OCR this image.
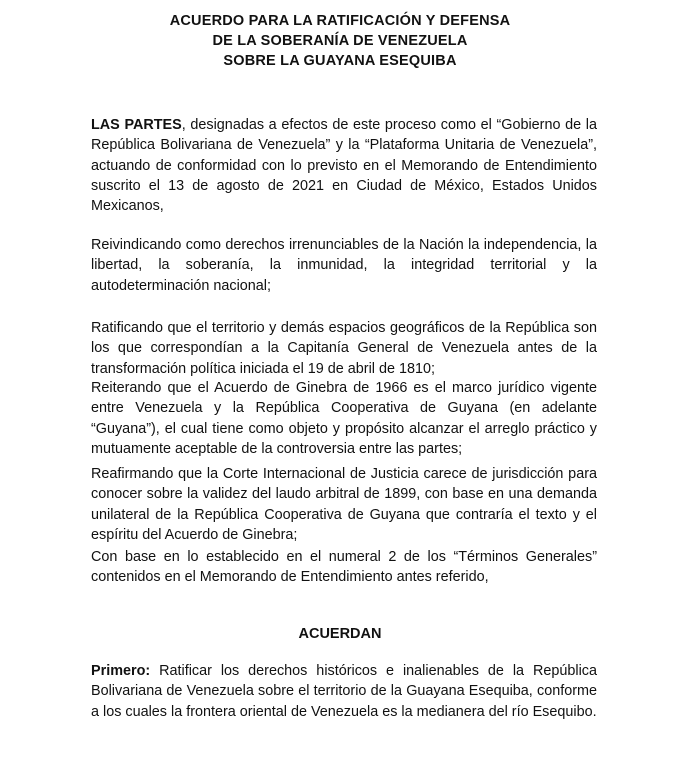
ACUERDO PARA LA RATIFICACIÓN Y DEFENSA
DE LA SOBERANÍA DE VENEZUELA
SOBRE LA GUAYANA ESEQUIBA
LAS PARTES, designadas a efectos de este proceso como el “Gobierno de la República Bolivariana de Venezuela” y la “Plataforma Unitaria de Venezuela”, actuando de conformidad con lo previsto en el Memorando de Entendimiento suscrito el 13 de agosto de 2021 en Ciudad de México, Estados Unidos Mexicanos,
Reivindicando como derechos irrenunciables de la Nación la independencia, la libertad, la soberanía, la inmunidad, la integridad territorial y la autodeterminación nacional;
Ratificando que el territorio y demás espacios geográficos de la República son los que correspondían a la Capitanía General de Venezuela antes de la transformación política iniciada el 19 de abril de 1810;
Reiterando que el Acuerdo de Ginebra de 1966 es el marco jurídico vigente entre Venezuela y la República Cooperativa de Guyana (en adelante “Guyana”), el cual tiene como objeto y propósito alcanzar el arreglo práctico y mutuamente aceptable de la controversia entre las partes;
Reafirmando que la Corte Internacional de Justicia carece de jurisdicción para conocer sobre la validez del laudo arbitral de 1899, con base en una demanda unilateral de la República Cooperativa de Guyana que contraría el texto y el espíritu del Acuerdo de Ginebra;
Con base en lo establecido en el numeral 2 de los “Términos Generales” contenidos en el Memorando de Entendimiento antes referido,
ACUERDAN
Primero: Ratificar los derechos históricos e inalienables de la República Bolivariana de Venezuela sobre el territorio de la Guayana Esequiba, conforme a los cuales la frontera oriental de Venezuela es la medianera del río Esequibo.
